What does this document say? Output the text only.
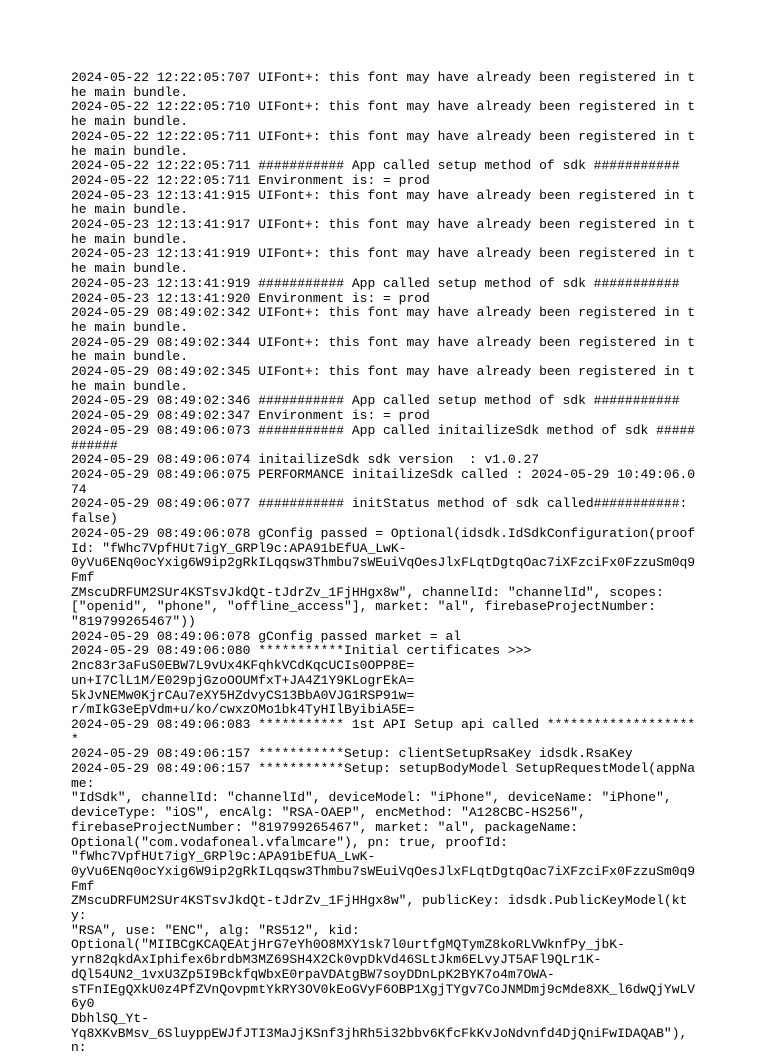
2024-05-22 12:22:05:707 UIFont+: this font may have already been registered in the main bundle.
2024-05-22 12:22:05:710 UIFont+: this font may have already been registered in the main bundle.
2024-05-22 12:22:05:711 UIFont+: this font may have already been registered in the main bundle.
2024-05-22 12:22:05:711 ########### App called setup method of sdk ###########
2024-05-22 12:22:05:711 Environment is: = prod
2024-05-23 12:13:41:915 UIFont+: this font may have already been registered in the main bundle.
2024-05-23 12:13:41:917 UIFont+: this font may have already been registered in the main bundle.
2024-05-23 12:13:41:919 UIFont+: this font may have already been registered in the main bundle.
2024-05-23 12:13:41:919 ########### App called setup method of sdk ###########
2024-05-23 12:13:41:920 Environment is: = prod
2024-05-29 08:49:02:342 UIFont+: this font may have already been registered in the main bundle.
2024-05-29 08:49:02:344 UIFont+: this font may have already been registered in the main bundle.
2024-05-29 08:49:02:345 UIFont+: this font may have already been registered in the main bundle.
2024-05-29 08:49:02:346 ########### App called setup method of sdk ###########
2024-05-29 08:49:02:347 Environment is: = prod
2024-05-29 08:49:06:073 ########### App called initailizeSdk method of sdk ###########
2024-05-29 08:49:06:074 initailizeSdk sdk version  : v1.0.27
2024-05-29 08:49:06:075 PERFORMANCE initailizeSdk called : 2024-05-29 10:49:06.074
2024-05-29 08:49:06:077 ########### initStatus method of sdk called###########: false)
2024-05-29 08:49:06:078 gConfig passed = Optional(idsdk.IdSdkConfiguration(proofId: "fWhc7VpfHUt7igY_GRPl9c:APA91bEfUA_LwK-
0yVu6ENq0ocYxig6W9ip2gRkILqqsw3Thmbu7sWEuiVqOesJlxFLqtDgtqOac7iXFzciFx0FzzuSm0q9Fmf
ZMscuDRFUM2SUr4KSTsvJkdQt-tJdrZv_1FjHHgx8w", channelId: "channelId", scopes:
["openid", "phone", "offline_access"], market: "al", firebaseProjectNumber:
"819799265467"))
2024-05-29 08:49:06:078 gConfig passed market = al
2024-05-29 08:49:06:080 ***********Initial certificates >>>
2nc83r3aFuS0EBW7L9vUx4KFqhkVCdKqcUCIs0OPP8E=
un+I7ClL1M/E029pjGzoOOUMfxT+JA4Z1Y9KLogrEkA=
5kJvNEMw0KjrCAu7eXY5HZdvyCS13BbA0VJG1RSP91w=
r/mIkG3eEpVdm+u/ko/cwxzOMo1bk4TyHIlByibiA5E=
2024-05-29 08:49:06:083 *********** 1st API Setup api called ********************
2024-05-29 08:49:06:157 ***********Setup: clientSetupRsaKey idsdk.RsaKey
2024-05-29 08:49:06:157 ***********Setup: setupBodyModel SetupRequestModel(appName:
"IdSdk", channelId: "channelId", deviceModel: "iPhone", deviceName: "iPhone",
deviceType: "iOS", encAlg: "RSA-OAEP", encMethod: "A128CBC-HS256",
firebaseProjectNumber: "819799265467", market: "al", packageName:
Optional("com.vodafoneal.vfalmcare"), pn: true, proofId:
"fWhc7VpfHUt7igY_GRPl9c:APA91bEfUA_LwK-
0yVu6ENq0ocYxig6W9ip2gRkILqqsw3Thmbu7sWEuiVqOesJlxFLqtDgtqOac7iXFzciFx0FzzuSm0q9Fmf
ZMscuDRFUM2SUr4KSTsvJkdQt-tJdrZv_1FjHHgx8w", publicKey: idsdk.PublicKeyModel(kty:
"RSA", use: "ENC", alg: "RS512", kid:
Optional("MIIBCgKCAQEAtjHrG7eYh0O8MXY1sk7l0urtfgMQTymZ8koRLVWknfPy_jbK-
yrn82qkdAxIphifex6brdbM3MZ69SH4X2Ck0vpDkVd46SLtJkm6ELvyJT5AFl9QLr1K-
dQl54UN2_1vxU3Zp5I9BckfqWbxE0rpaVDAtgBW7soyDDnLpK2BYK7o4m7OWA-
sTFnIEgQXkU0z4PfZVnQovpmtYkRY3OV0kEoGVyF6OBP1XgjTYgv7CoJNMDmj9cMde8XK_l6dwQjYwLV6y0
DbhlSQ_Yt-
Yq8XKvBMsv_6SluyppEWJfJTI3MaJjKSnf3jhRh5i32bbv6KfcFkKvJoNdvnfd4DjQniFwIDAQAB"), n:
